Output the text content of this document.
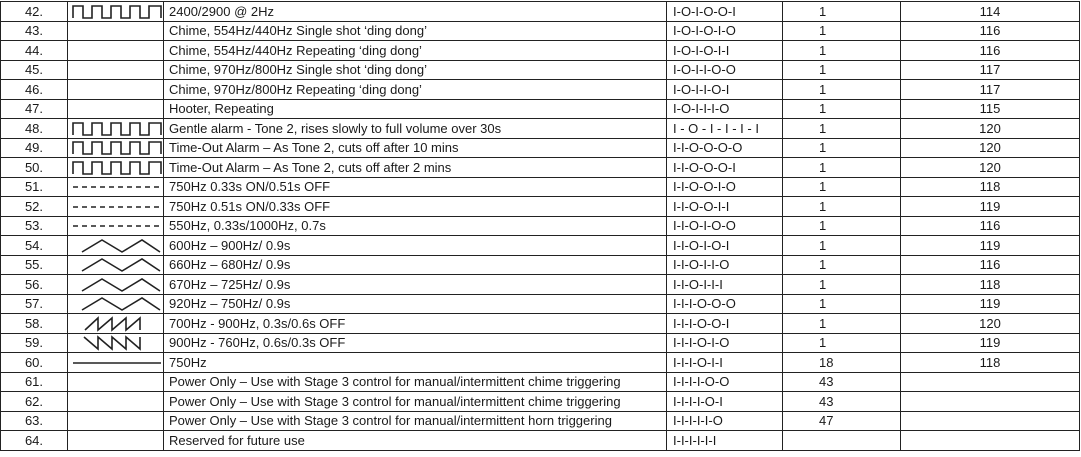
42.		2400/2900 @ 2Hz	I-O-I-O-O-I	1	114
43.		Chime, 554Hz/440Hz Single shot ‘ding dong’	I-O-I-O-I-O	1	116
44.		Chime, 554Hz/440Hz Repeating ‘ding dong’	I-O-I-O-I-I	1	116
45.		Chime, 970Hz/800Hz Single shot ‘ding dong’	I-O-I-I-O-O	1	117
46.		Chime, 970Hz/800Hz Repeating ‘ding dong’	I-O-I-I-O-I	1	117
47.		Hooter, Repeating	I-O-I-I-I-O	1	115
48.		Gentle alarm - Tone 2, rises slowly to full volume over 30s	I - O - I - I - I - I	1	120
49.		Time-Out Alarm – As Tone 2, cuts off after 10 mins	I-I-O-O-O-O	1	120
50.		Time-Out Alarm – As Tone 2, cuts off after 2 mins	I-I-O-O-O-I	1	120
51.		750Hz 0.33s ON/0.51s OFF	I-I-O-O-I-O	1	118
52.		750Hz 0.51s ON/0.33s OFF	I-I-O-O-I-I	1	119
53.		550Hz, 0.33s/1000Hz, 0.7s	I-I-O-I-O-O	1	116
54.		600Hz – 900Hz/ 0.9s	I-I-O-I-O-I	1	119
55.		660Hz – 680Hz/ 0.9s	I-I-O-I-I-O	1	116
56.		670Hz – 725Hz/ 0.9s	I-I-O-I-I-I	1	118
57.		920Hz – 750Hz/ 0.9s	I-I-I-O-O-O	1	119
58.		700Hz - 900Hz, 0.3s/0.6s OFF	I-I-I-O-O-I	1	120
59.		900Hz - 760Hz, 0.6s/0.3s OFF	I-I-I-O-I-O	1	119
60.		750Hz	I-I-I-O-I-I	18	118
61.		Power Only – Use with Stage 3 control for manual/intermittent chime triggering	I-I-I-I-O-O	43	
62.		Power Only – Use with Stage 3 control for manual/intermittent chime triggering	I-I-I-I-O-I	43	
63.		Power Only – Use with Stage 3 control for manual/intermittent horn triggering	I-I-I-I-I-O	47	
64.		Reserved for future use	I-I-I-I-I-I		
